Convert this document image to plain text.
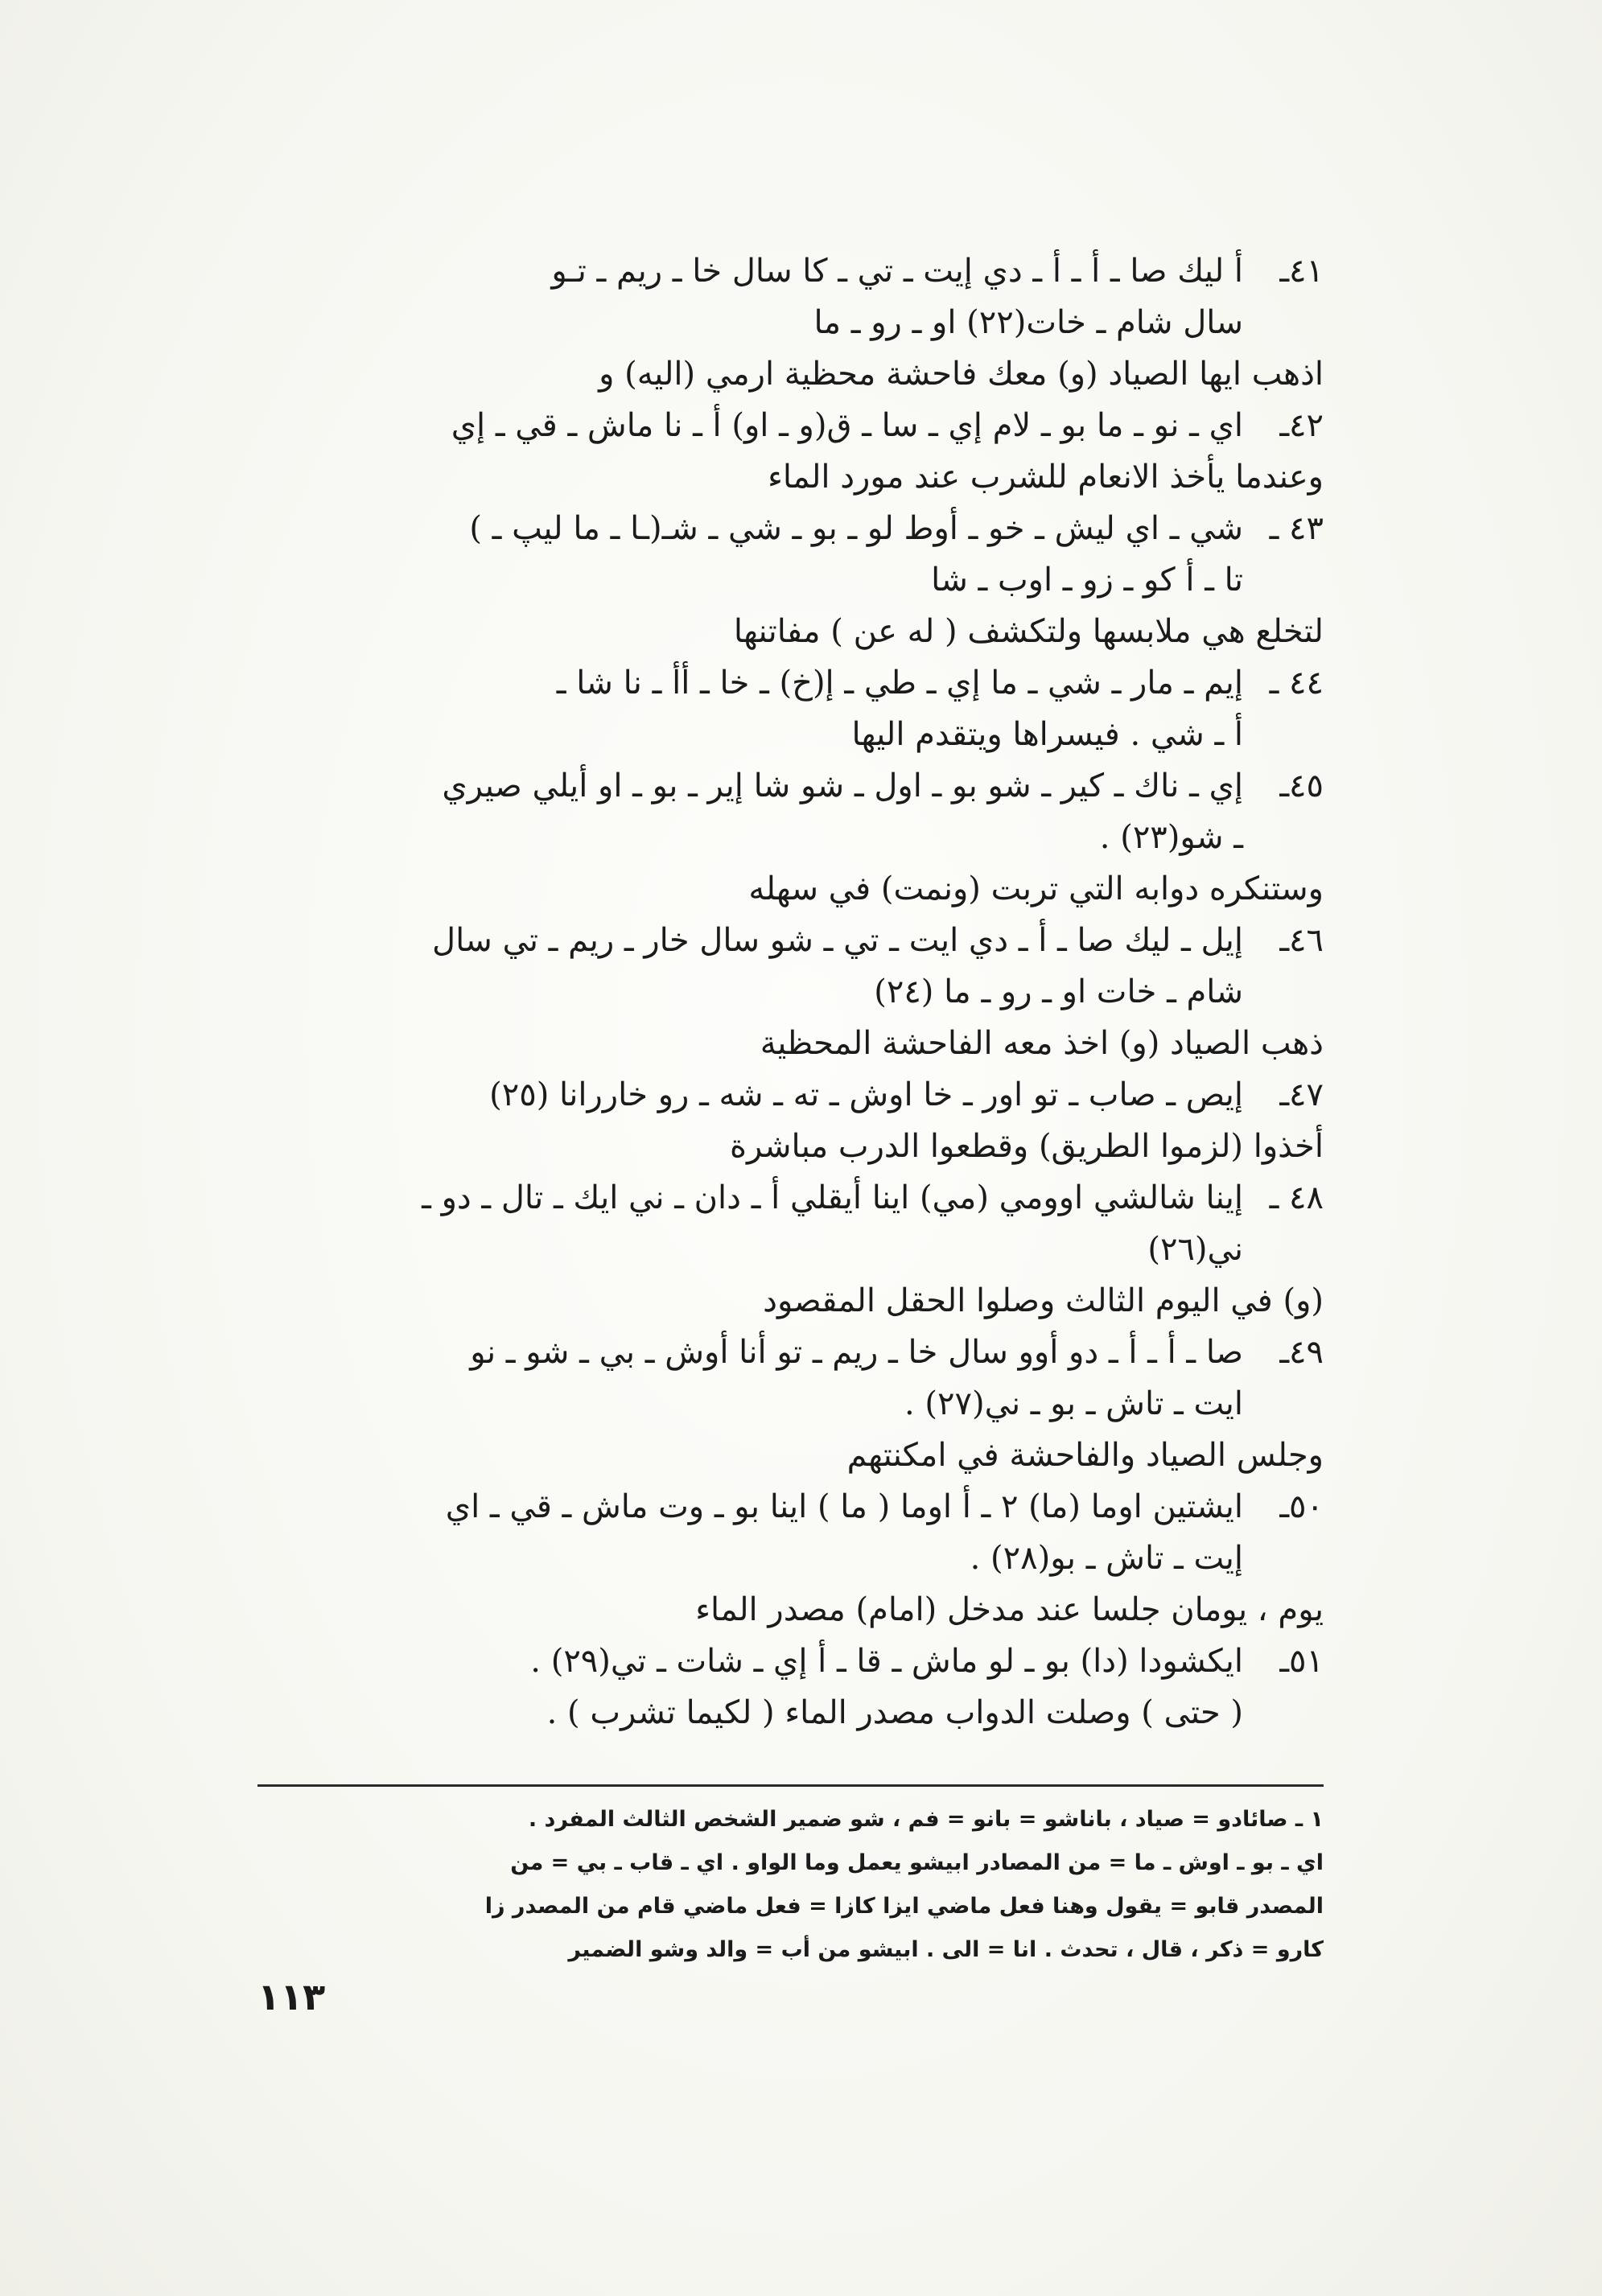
٤١ـ
أ ليك صا ـ أ ـ أ ـ دي إيت ـ تي ـ كا سال خا ـ ريم ـ تـو
سال شام ـ خات(٢٢) او ـ رو ـ ما
اذهب ايها الصياد (و) معك فاحشة محظية ارمي (اليه) و
٤٢ـ
اي ـ نو ـ ما بو ـ لام إي ـ سا ـ ق(و ـ او) أ ـ نا ماش ـ قي ـ إي
وعندما يأخذ الانعام للشرب عند مورد الماء
٤٣ ـ
شي ـ اي ليش ـ خو ـ أوط لو ـ بو ـ شي ـ شـ(ـا ـ ما ليپ ـ )
تا ـ أ كو ـ زو ـ اوب ـ شا
لتخلع هي ملابسها ولتكشف ( له عن ) مفاتنها
٤٤ ـ
إيم ـ مار ـ شي ـ ما إي ـ طي ـ إ(خ) ـ خا ـ أأ ـ نا شا ـ
أ ـ شي . فيسراها ويتقدم اليها
٤٥ـ
إي ـ ناك ـ كير ـ شو بو ـ اول ـ شو شا إير ـ بو ـ او أيلي صيري
ـ شو(٢٣) .
وستنكره دوابه التي تربت (ونمت) في سهله
٤٦ـ
إيل ـ ليك صا ـ أ ـ دي ايت ـ تي ـ شو سال خار ـ ريم ـ تي سال
شام ـ خات او ـ رو ـ ما (٢٤)
ذهب الصياد (و) اخذ معه الفاحشة المحظية
٤٧ـ
إيص ـ صاب ـ تو اور ـ خا اوش ـ ته ـ شه ـ رو خاررانا (٢٥)
أخذوا (لزموا الطريق) وقطعوا الدرب مباشرة
٤٨ ـ
إينا شالشي اوومي (مي) اينا أيقلي أ ـ دان ـ ني ايك ـ تال ـ دو ـ
ني(٢٦)
(و) في اليوم الثالث وصلوا الحقل المقصود
٤٩ـ
صا ـ أ ـ أ ـ دو أوو سال خا ـ ريم ـ تو أنا أوش ـ بي ـ شو ـ نو
ايت ـ تاش ـ بو ـ ني(٢٧) .
وجلس الصياد والفاحشة في امكنتهم
٥٠ـ
ايشتين اوما (ما) ٢ ـ أ اوما ( ما ) اينا بو ـ وت ماش ـ قي ـ اي
إيت ـ تاش ـ بو(٢٨) .
يوم ، يومان جلسا عند مدخل (امام) مصدر الماء
٥١ـ
ايكشودا (دا) بو ـ لو ماش ـ قا ـ أ إي ـ شات ـ تي(٢٩) .
( حتى ) وصلت الدواب مصدر الماء ( لكيما تشرب ) .
١ ـ صائادو = صياد ، باناشو = بانو = فم ، شو ضمير الشخص الثالث المفرد .
اي ـ بو ـ اوش ـ ما = من المصادر ابيشو يعمل وما الواو . اي ـ قاب ـ بي = من
المصدر قابو = يقول وهنا فعل ماضي ايزا كازا = فعل ماضي قام من المصدر زا
كارو = ذكر ، قال ، تحدث . انا = الى . ابيشو من أب = والد وشو الضمير
١١٣
